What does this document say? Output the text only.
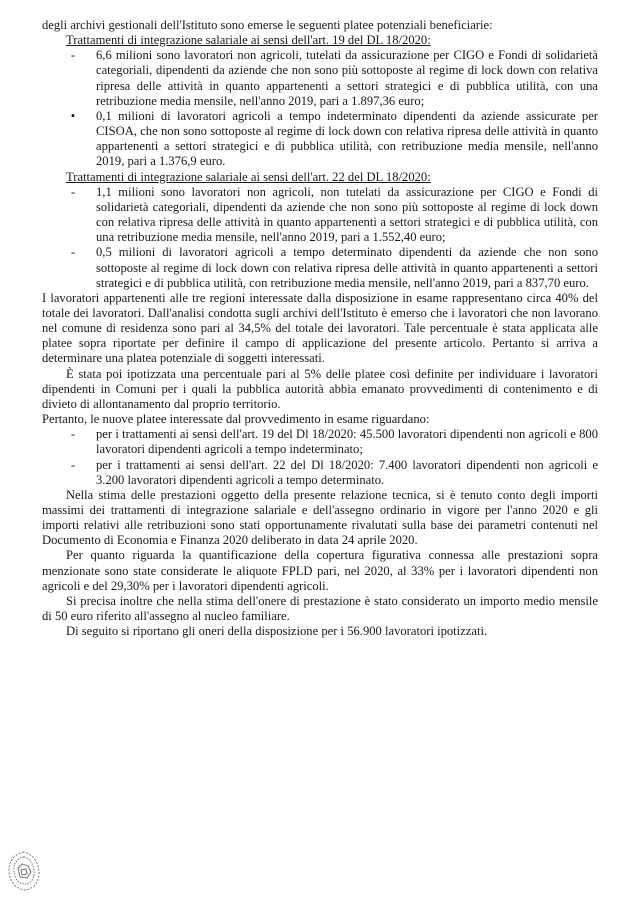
degli archivi gestionali dell'Istituto sono emerse le seguenti platee potenziali beneficiarie:

Trattamenti di integrazione salariale ai sensi dell'art. 19 del DL 18/2020:

-	6,6 milioni sono lavoratori non agricoli, tutelati da assicurazione per CIGO e Fondi di solidarietà categoriali, dipendenti da aziende che non sono più sottoposte al regime di lock down con relativa ripresa delle attività in quanto appartenenti a settori strategici e di pubblica utilità, con una retribuzione media mensile, nell'anno 2019, pari a 1.897,36 euro;
•	0,1 milioni di lavoratori agricoli a tempo indeterminato dipendenti da aziende assicurate per CISOA, che non sono sottoposte al regime di lock down con relativa ripresa delle attività in quanto appartenenti a settori strategici e di pubblica utilità, con retribuzione media mensile, nell'anno 2019, pari a 1.376,9 euro.

Trattamenti di integrazione salariale ai sensi dell'art. 22 del DL 18/2020:

-	1,1 milioni sono lavoratori non agricoli, non tutelati da assicurazione per CIGO e Fondi di solidarietà categoriali, dipendenti da aziende che non sono più sottoposte al regime di lock down con relativa ripresa delle attività in quanto appartenenti a settori strategici e di pubblica utilità, con una retribuzione media mensile, nell'anno 2019, pari a 1.552,40 euro;
-	0,5 milioni di lavoratori agricoli a tempo determinato dipendenti da aziende che non sono sottoposte al regime di lock down con relativa ripresa delle attività in quanto appartenenti a settori strategici e di pubblica utilità, con retribuzione media mensile, nell'anno 2019, pari a 837,70 euro.

I lavoratori appartenenti alle tre regioni interessate dalla disposizione in esame rappresentano circa 40% del totale dei lavoratori. Dall'analisi condotta sugli archivi dell'Istituto è emerso che i lavoratori che non lavorano nel comune di residenza sono pari al 34,5% del totale dei lavoratori. Tale percentuale è stata applicata alle platee sopra riportate per definire il campo di applicazione del presente articolo. Pertanto si arriva a determinare una platea potenziale di soggetti interessati.

È stata poi ipotizzata una percentuale pari al 5% delle platee così definite per individuare i lavoratori dipendenti in Comuni per i quali la pubblica autorità abbia emanato provvedimenti di contenimento e di divieto di allontanamento dal proprio territorio.

Pertanto, le nuove platee interessate dal provvedimento in esame riguardano:

-	per i trattamenti ai sensi dell'art. 19 del Dl 18/2020: 45.500 lavoratori dipendenti non agricoli e 800 lavoratori dipendenti agricoli a tempo indeterminato;
-	per i trattamenti ai sensi dell'art. 22 del Dl 18/2020: 7.400 lavoratori dipendenti non agricoli e 3.200 lavoratori dipendenti agricoli a tempo determinato.

Nella stima delle prestazioni oggetto della presente relazione tecnica, si è tenuto conto degli importi massimi dei trattamenti di integrazione salariale e dell'assegno ordinario in vigore per l'anno 2020 e gli importi relativi alle retribuzioni sono stati opportunamente rivalutati sulla base dei parametri contenuti nel Documento di Economia e Finanza 2020 deliberato in data 24 aprile 2020.

Per quanto riguarda la quantificazione della copertura figurativa connessa alle prestazioni sopra menzionate sono state considerate le aliquote FPLD pari, nel 2020, al 33% per i lavoratori dipendenti non agricoli e del 29,30% per i lavoratori dipendenti agricoli.

Si precisa inoltre che nella stima dell'onere di prestazione è stato considerato un importo medio mensile di 50 euro riferito all'assegno al nucleo familiare.

Di seguito si riportano gli oneri della disposizione per i 56.900 lavoratori ipotizzati.
